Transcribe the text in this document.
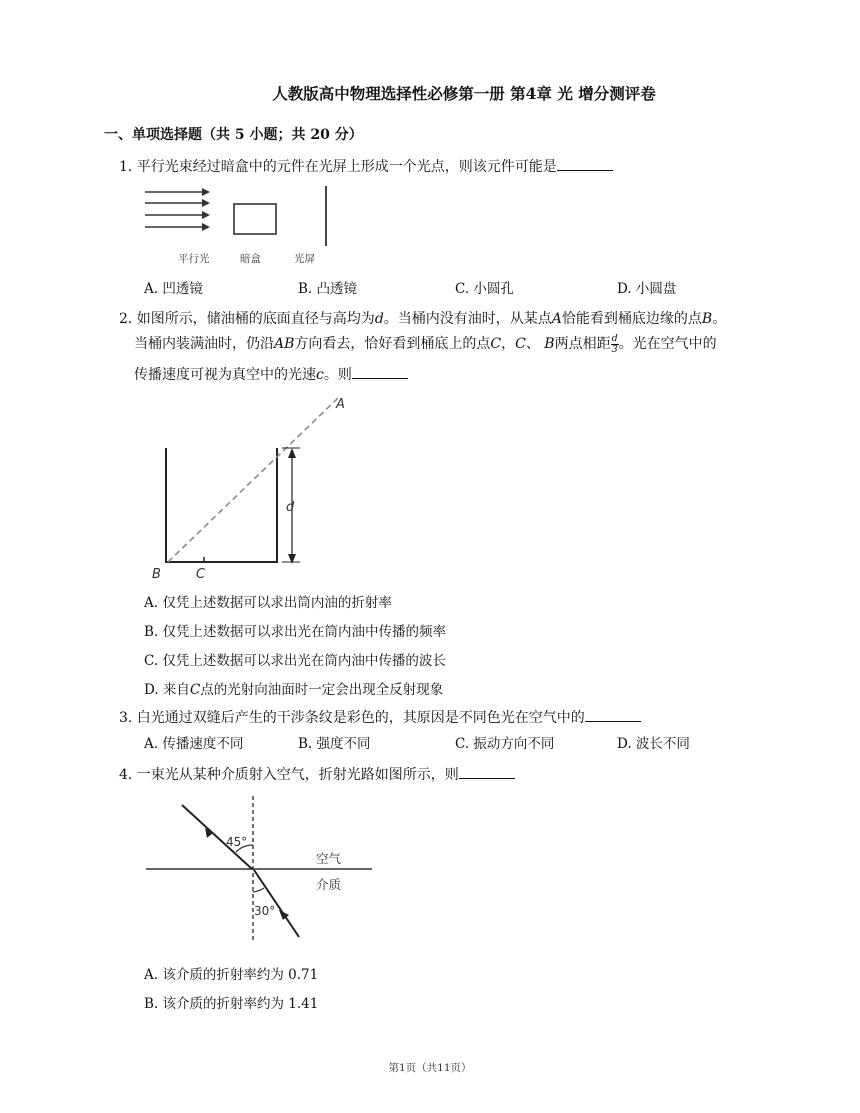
人教版高中物理选择性必修第一册 第4章 光 增分测评卷
一、单项选择题（共 5 小题；共 20 分）
1. 平行光束经过暗盒中的元件在光屏上形成一个光点，则该元件可能是
平行光	暗盒	光屏
A. 凹透镜	B. 凸透镜	C. 小圆孔	D. 小圆盘
2. 如图所示，储油桶的底面直径与高均为d。当桶内没有油时，从某点A恰能看到桶底边缘的点B。
当桶内装满油时，仍沿AB方向看去，恰好看到桶底上的点C，C、 B两点相距 $\frac{d}{3}$ 。光在空气中的
传播速度可视为真空中的光速c。则
A
B	C
d
A. 仅凭上述数据可以求出筒内油的折射率
B. 仅凭上述数据可以求出光在筒内油中传播的频率
C. 仅凭上述数据可以求出光在筒内油中传播的波长
D. 来自C点的光射向油面时一定会出现全反射现象
3. 白光通过双缝后产生的干涉条纹是彩色的，其原因是不同色光在空气中的
A. 传播速度不同	B. 强度不同	C. 振动方向不同	D. 波长不同
4. 一束光从某种介质射入空气，折射光路如图所示，则
45°
30°
空气
介质
A. 该介质的折射率约为 0.71
B. 该介质的折射率约为 1.41
第1页（共11页）
